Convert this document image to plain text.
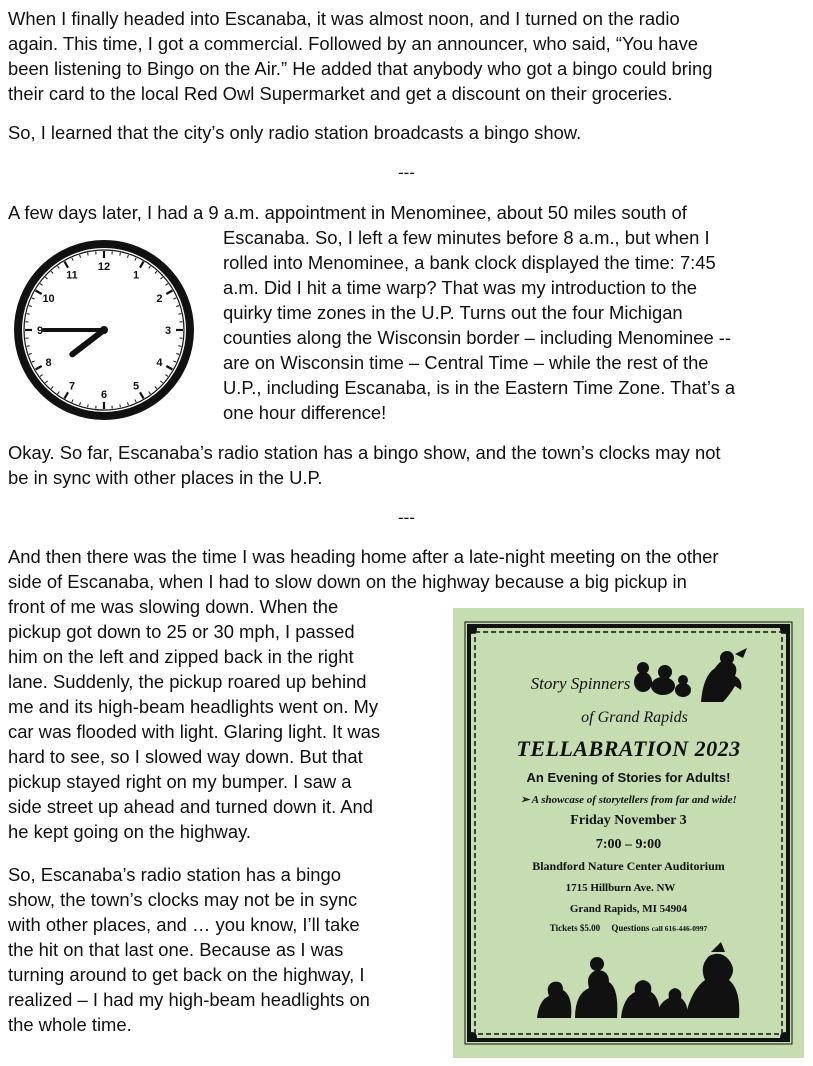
When I finally headed into Escanaba, it was almost noon, and I turned on the radio
again. This time, I got a commercial. Followed by an announcer, who said, “You have
been listening to Bingo on the Air.” He added that anybody who got a bingo could bring
their card to the local Red Owl Supermarket and get a discount on their groceries.
So, I learned that the city’s only radio station broadcasts a bingo show.
---
A few days later, I had a 9 a.m. appointment in Menominee, about 50 miles south of
Escanaba. So, I left a few minutes before 8 a.m., but when I
rolled into Menominee, a bank clock displayed the time: 7:45
a.m. Did I hit a time warp? That was my introduction to the
quirky time zones in the U.P. Turns out the four Michigan
counties along the Wisconsin border – including Menominee --
are on Wisconsin time – Central Time – while the rest of the
U.P., including Escanaba, is in the Eastern Time Zone. That’s a
one hour difference!
12
1
2
3
4
5
6
7
8
9
10
11
Okay. So far, Escanaba’s radio station has a bingo show, and the town’s clocks may not
be in sync with other places in the U.P.
---
And then there was the time I was heading home after a late-night meeting on the other
side of Escanaba, when I had to slow down on the highway because a big pickup in
front of me was slowing down. When the
pickup got down to 25 or 30 mph, I passed
him on the left and zipped back in the right
lane. Suddenly, the pickup roared up behind
me and its high-beam headlights went on. My
car was flooded with light. Glaring light. It was
hard to see, so I slowed way down. But that
pickup stayed right on my bumper. I saw a
side street up ahead and turned down it. And
he kept going on the highway.
So, Escanaba’s radio station has a bingo
show, the town’s clocks may not be in sync
with other places, and … you know, I’ll take
the hit on that last one. Because as I was
turning around to get back on the highway, I
realized – I had my high-beam headlights on
the whole time.
Story Spinners
of Grand Rapids
TELLABRATION 2023
An Evening of Stories for Adults!
➢ A showcase of storytellers from far and wide!
Friday November 3
7:00 – 9:00
Blandford Nature Center Auditorium
1715 Hillburn Ave. NW
Grand Rapids, MI 54904
Tickets $5.00 Questions call 616-446-0997
